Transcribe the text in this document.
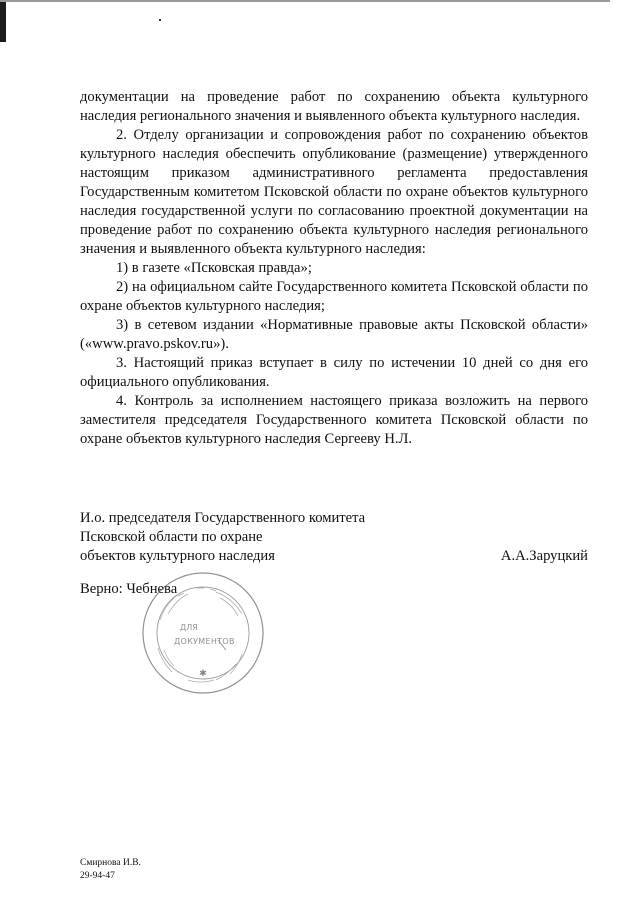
документации на проведение работ по сохранению объекта культурного наследия регионального значения и выявленного объекта культурного наследия.

2. Отделу организации и сопровождения работ по сохранению объектов культурного наследия обеспечить опубликование (размещение) утвержденного настоящим приказом административного регламента предоставления Государственным комитетом Псковской области по охране объектов культурного наследия государственной услуги по согласованию проектной документации на проведение работ по сохранению объекта культурного наследия регионального значения и выявленного объекта культурного наследия:

1) в газете «Псковская правда»;

2) на официальном сайте Государственного комитета Псковской области по охране объектов культурного наследия;

3) в сетевом издании «Нормативные правовые акты Псковской области» («www.pravo.pskov.ru»).

3. Настоящий приказ вступает в силу по истечении 10 дней со дня его официального опубликования.

4. Контроль за исполнением настоящего приказа возложить на первого заместителя председателя Государственного комитета Псковской области по охране объектов культурного наследия Сергееву Н.Л.

И.о. председателя Государственного комитета
Псковской области по охране
объектов культурного наследия	А.А.Заруцкий
Верно: Чебнева
✱
ДЛЯ
ДОКУМЕНТОВ
Смирнова И.В.
29-94-47
